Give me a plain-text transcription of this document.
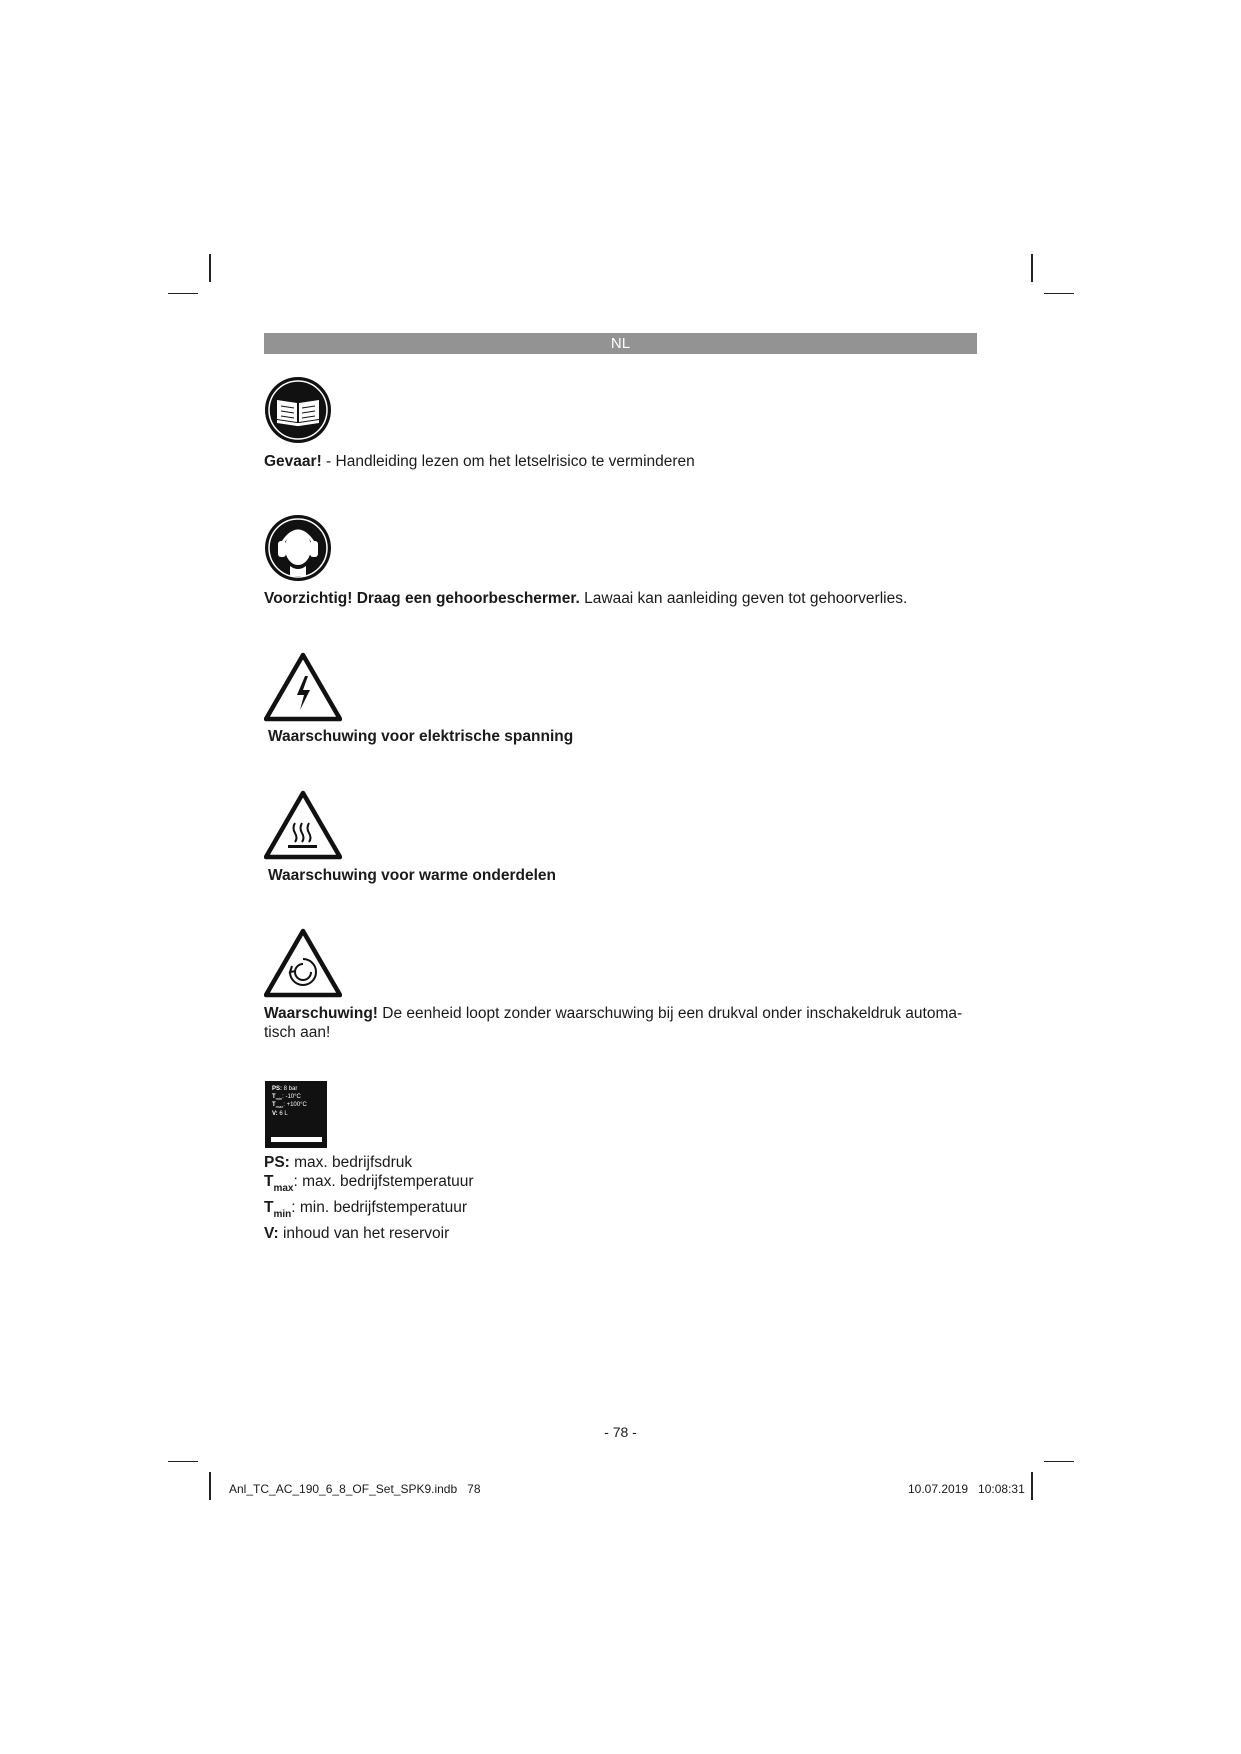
NL
Gevaar! - Handleiding lezen om het letselrisico te verminderen
Voorzichtig! Draag een gehoorbeschermer. Lawaai kan aanleiding geven tot gehoorverlies.
Waarschuwing voor elektrische spanning
Waarschuwing voor warme onderdelen
Waarschuwing! De eenheid loopt zonder waarschuwing bij een drukval onder inschakeldruk automa-
tisch aan!
PS: 8 bar
$T_{min}$: -10°C
$T_{max}$: +100°C
V: 6 L
PS: max. bedrijfsdruk
$T_{max}$: max. bedrijfstemperatuur
$T_{min}$: min. bedrijfstemperatuur
V: inhoud van het reservoir
- 78 -
Anl_TC_AC_190_6_8_OF_Set_SPK9.indb   78	10.07.2019   10:08:31
